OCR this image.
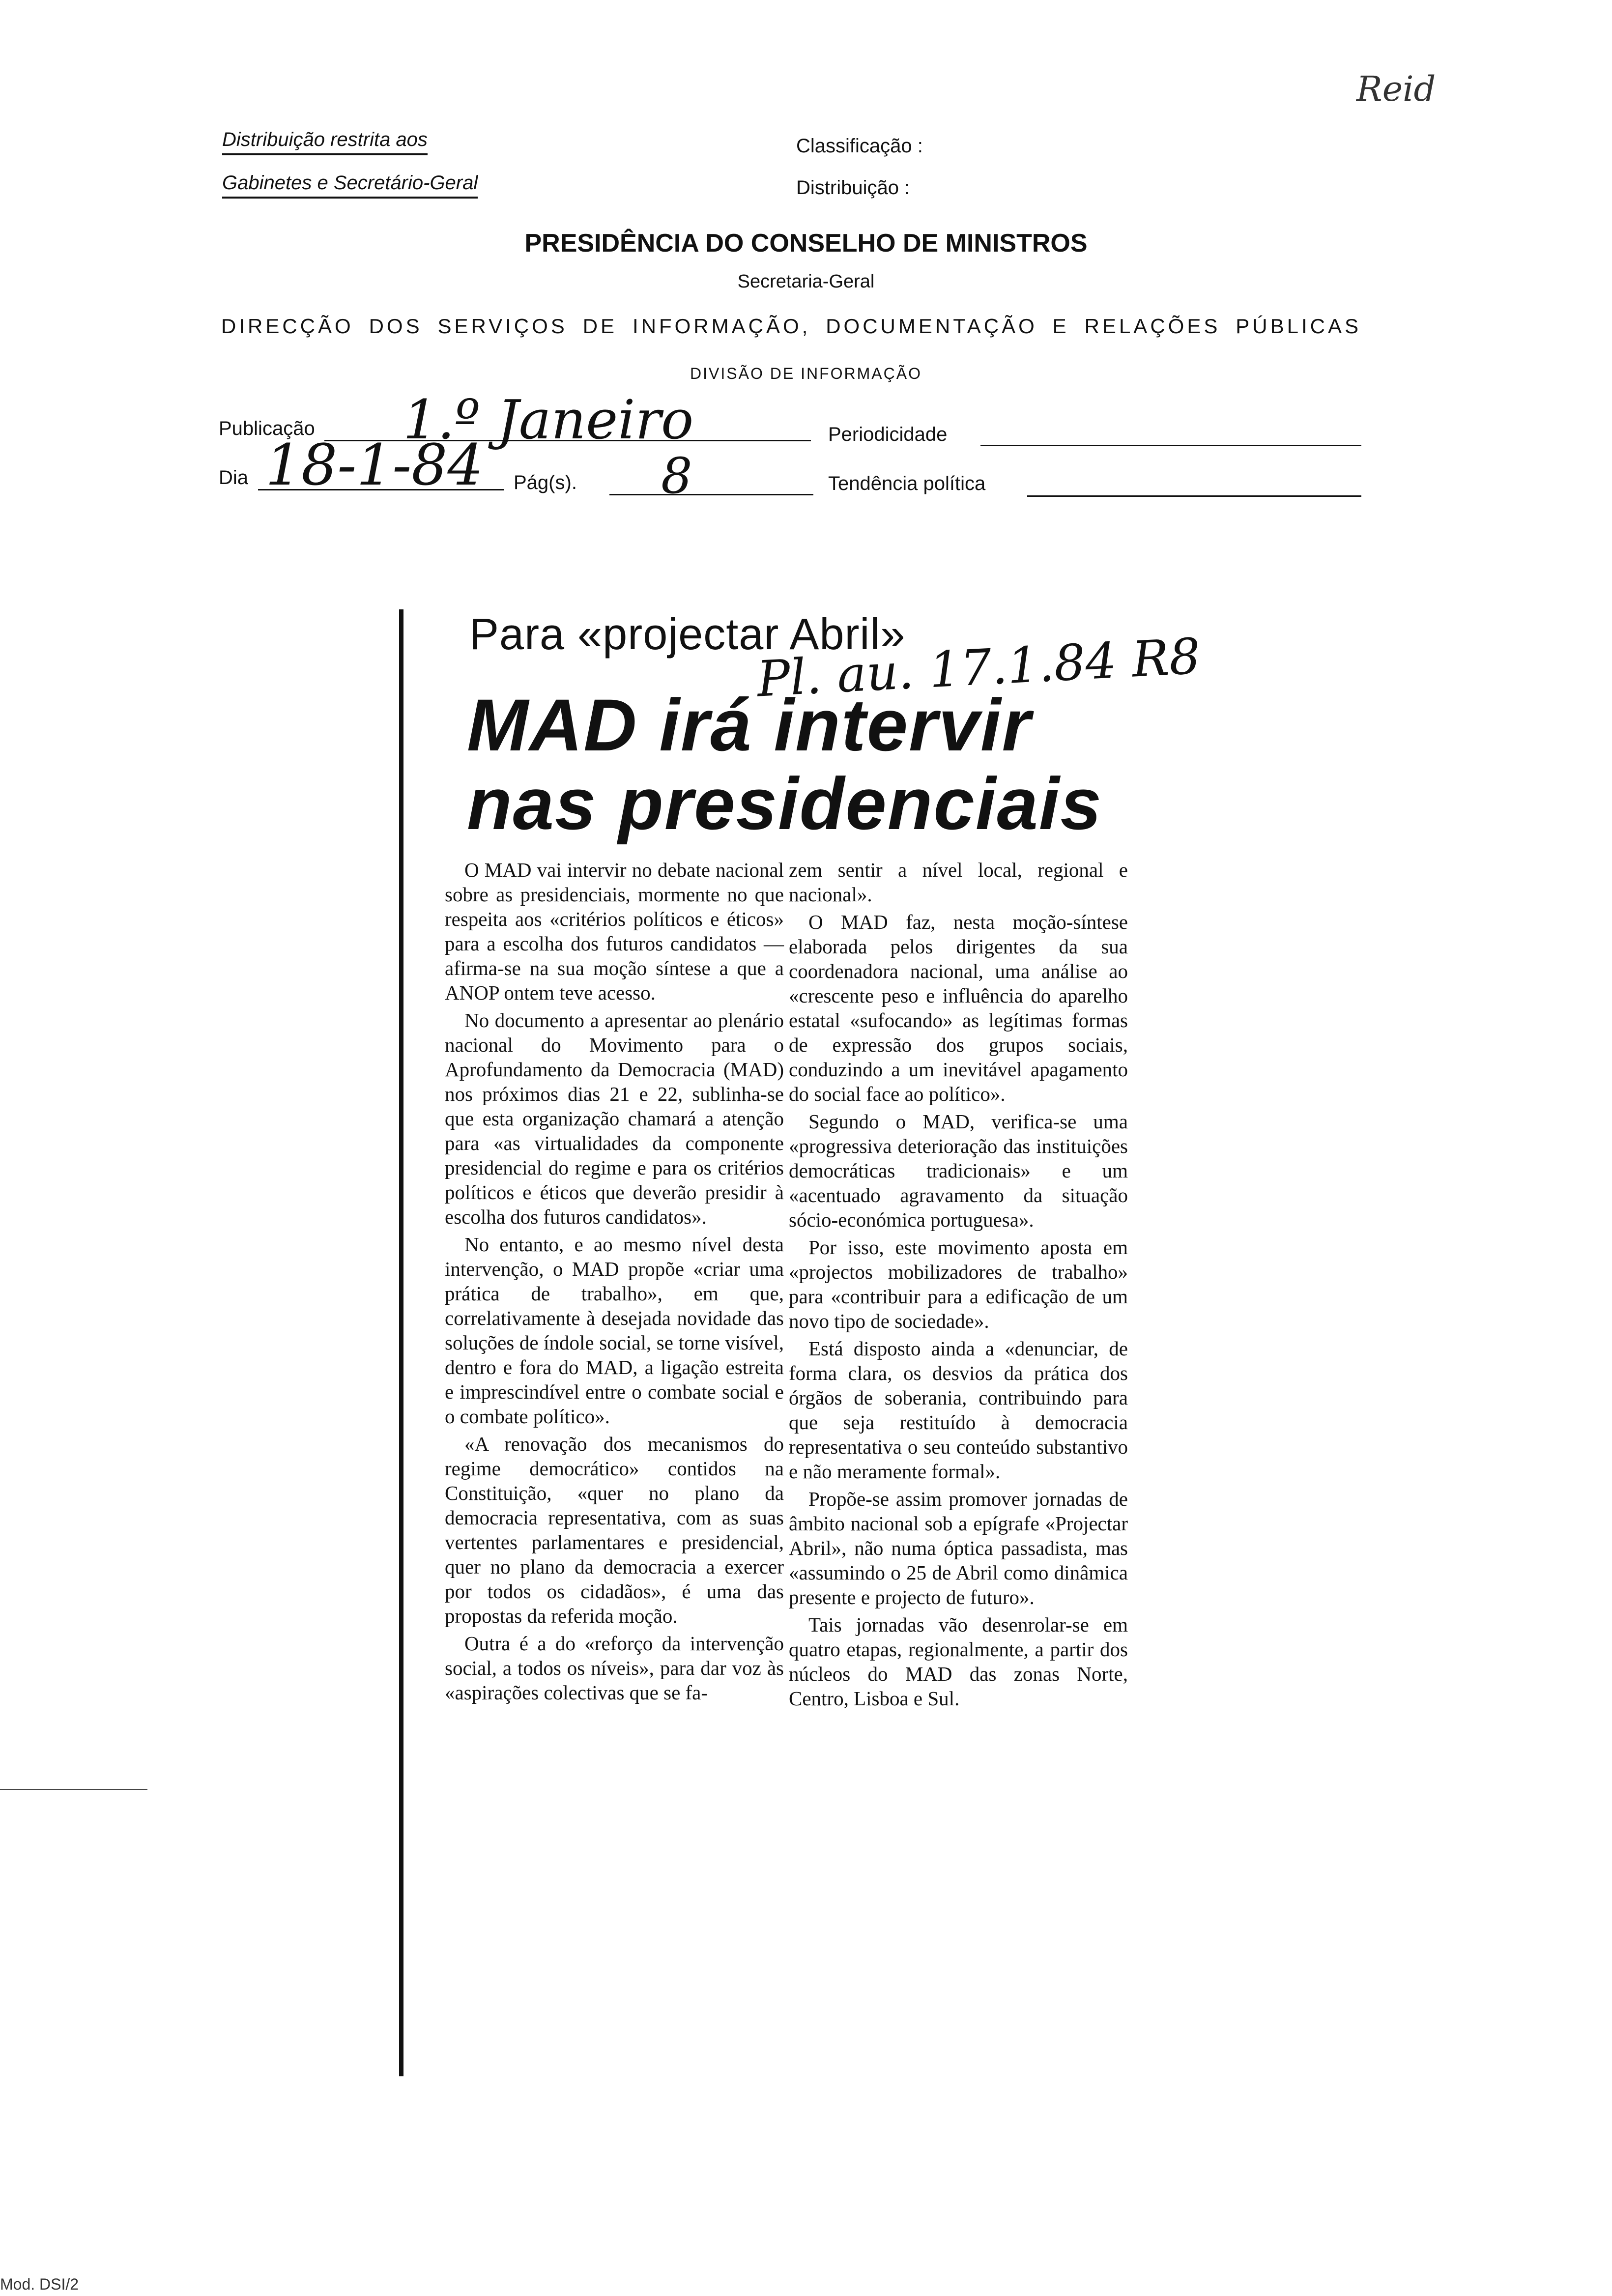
Reid
Distribuição restrita aos
Gabinetes e Secretário-Geral
Classificação :
Distribuição :
PRESIDÊNCIA DO CONSELHO DE MINISTROS
Secretaria-Geral
DIRECÇÃO DOS SERVIÇOS DE INFORMAÇÃO, DOCUMENTAÇÃO E RELAÇÕES PÚBLICAS
DIVISÃO DE INFORMAÇÃO
Publicação 1.º Janeiro	Periodicidade
Dia 18-1-84 Pág(s). 8	Tendência política
Para «projectar Abril»
Pl. au. 17.1.84 R8
MAD irá intervir
nas presidenciais

O MAD vai intervir no debate nacional sobre as presidenciais, mormente no que respeita aos «critérios políticos e éticos» para a escolha dos futuros candidatos — afirma-se na sua moção síntese a que a ANOP ontem teve acesso.

No documento a apresentar ao plenário nacional do Movimento para o Aprofundamento da Democracia (MAD) nos próximos dias 21 e 22, sublinha-se que esta organização chamará a atenção para «as virtualidades da componente presidencial do regime e para os critérios políticos e éticos que deverão presidir à escolha dos futuros candidatos».

No entanto, e ao mesmo nível desta intervenção, o MAD propõe «criar uma prática de trabalho», em que, correlativamente à desejada novidade das soluções de índole social, se torne visível, dentro e fora do MAD, a ligação estreita e imprescindível entre o combate social e o combate político».

«A renovação dos mecanismos do regime democrático» contidos na Constituição, «quer no plano da democracia representativa, com as suas vertentes parlamentares e presidencial, quer no plano da democracia a exercer por todos os cidadãos», é uma das propostas da referida moção.

Outra é a do «reforço da intervenção social, a todos os níveis», para dar voz às «aspirações colectivas que se fa-

zem sentir a nível local, regional e nacional».

O MAD faz, nesta moção-síntese elaborada pelos dirigentes da sua coordenadora nacional, uma análise ao «crescente peso e influência do aparelho estatal «sufocando» as legítimas formas de expressão dos grupos sociais, conduzindo a um inevitável apagamento do social face ao político».

Segundo o MAD, verifica-se uma «progressiva deterioração das instituições democráticas tradicionais» e um «acentuado agravamento da situação sócio-económica portuguesa».

Por isso, este movimento aposta em «projectos mobilizadores de trabalho» para «contribuir para a edificação de um novo tipo de sociedade».

Está disposto ainda a «denunciar, de forma clara, os desvios da prática dos órgãos de soberania, contribuindo para que seja restituído à democracia representativa o seu conteúdo substantivo e não meramente formal».

Propõe-se assim promover jornadas de âmbito nacional sob a epígrafe «Projectar Abril», não numa óptica passadista, mas «assumindo o 25 de Abril como dinâmica presente e projecto de futuro».

Tais jornadas vão desenrolar-se em quatro etapas, regionalmente, a partir dos núcleos do MAD das zonas Norte, Centro, Lisboa e Sul.

Mod. DSI/2
